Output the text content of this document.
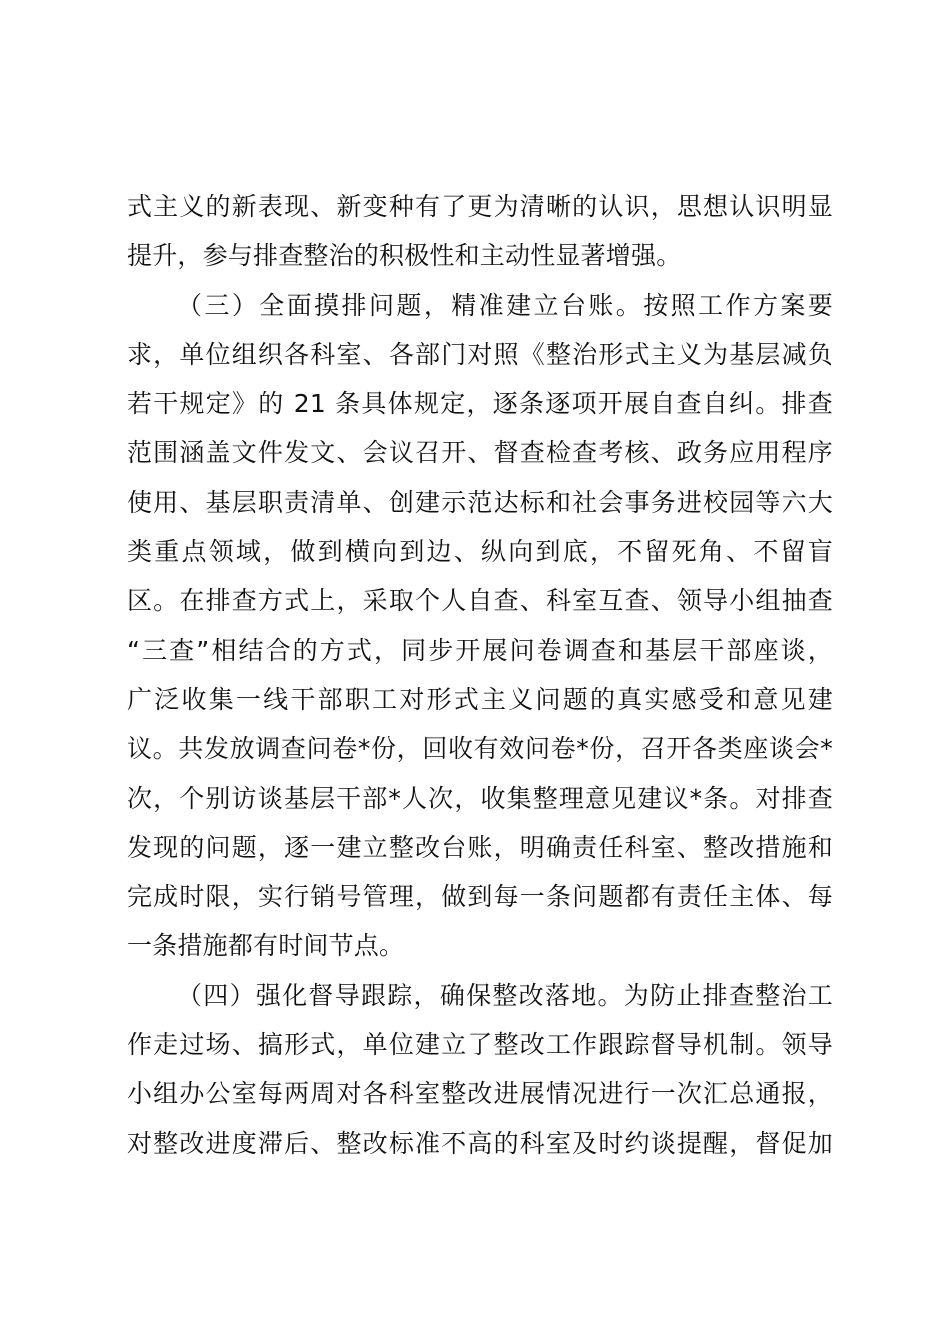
式主义的新表现、新变种有了更为清晰的认识，思想认识明显
提升，参与排查整治的积极性和主动性显著增强。
（三）全面摸排问题，精准建立台账。按照工作方案要
求，单位组织各科室、各部门对照《整治形式主义为基层减负
若干规定》的 21 条具体规定，逐条逐项开展自查自纠。排查
范围涵盖文件发文、会议召开、督查检查考核、政务应用程序
使用、基层职责清单、创建示范达标和社会事务进校园等六大
类重点领域，做到横向到边、纵向到底，不留死角、不留盲
区。在排查方式上，采取个人自查、科室互查、领导小组抽查
“三查”相结合的方式，同步开展问卷调查和基层干部座谈，
广泛收集一线干部职工对形式主义问题的真实感受和意见建
议。共发放调查问卷*份，回收有效问卷*份，召开各类座谈会*
次，个别访谈基层干部*人次，收集整理意见建议*条。对排查
发现的问题，逐一建立整改台账，明确责任科室、整改措施和
完成时限，实行销号管理，做到每一条问题都有责任主体、每
一条措施都有时间节点。
（四）强化督导跟踪，确保整改落地。为防止排查整治工
作走过场、搞形式，单位建立了整改工作跟踪督导机制。领导
小组办公室每两周对各科室整改进展情况进行一次汇总通报，
对整改进度滞后、整改标准不高的科室及时约谈提醒，督促加
